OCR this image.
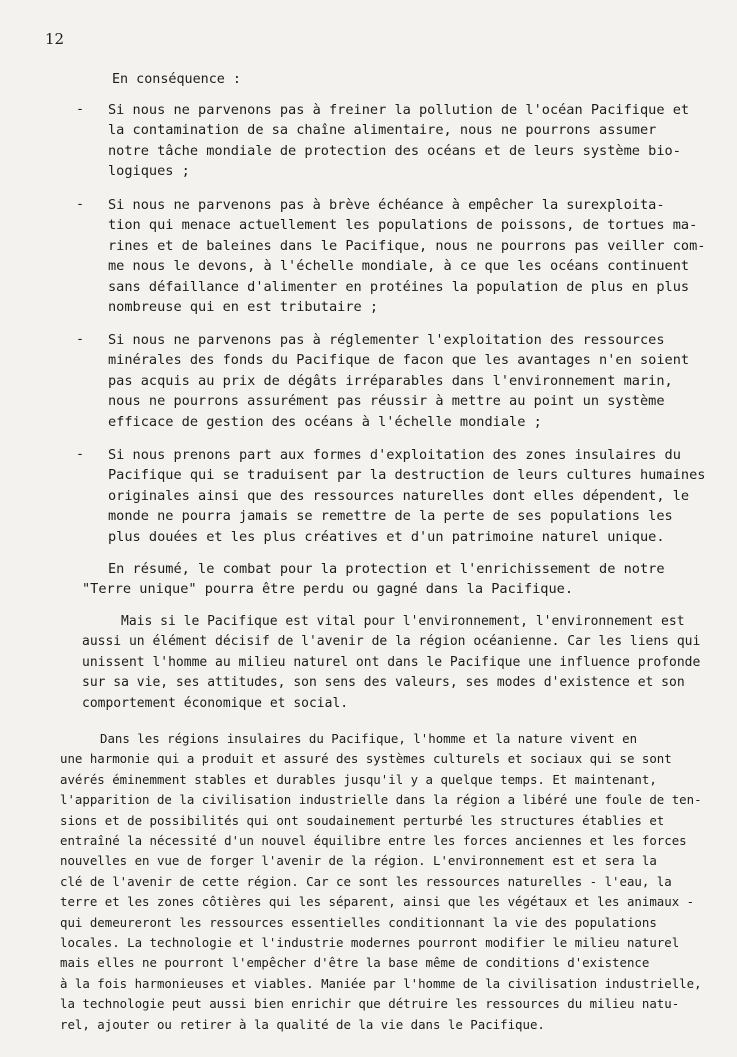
12
En conséquence :
- Si nous ne parvenons pas à freiner la pollution de l'océan Pacifique et
la contamination de sa chaîne alimentaire, nous ne pourrons assumer
notre tâche mondiale de protection des océans et de leurs système bio-
logiques ;
- Si nous ne parvenons pas à brève échéance à empêcher la surexploita-
tion qui menace actuellement les populations de poissons, de tortues ma-
rines et de baleines dans le Pacifique, nous ne pourrons pas veiller com-
me nous le devons, à l'échelle mondiale, à ce que les océans continuent
sans défaillance d'alimenter en protéines la population de plus en plus
nombreuse qui en est tributaire ;
- Si nous ne parvenons pas à réglementer l'exploitation des ressources
minérales des fonds du Pacifique de facon que les avantages n'en soient
pas acquis au prix de dégâts irréparables dans l'environnement marin,
nous ne pourrons assurément pas réussir à mettre au point un système
efficace de gestion des océans à l'échelle mondiale ;
- Si nous prenons part aux formes d'exploitation des zones insulaires du
Pacifique qui se traduisent par la destruction de leurs cultures humaines
originales ainsi que des ressources naturelles dont elles dépendent, le
monde ne pourra jamais se remettre de la perte de ses populations les
plus douées et les plus créatives et d'un patrimoine naturel unique.
En résumé, le combat pour la protection et l'enrichissement de notre
"Terre unique" pourra être perdu ou gagné dans la Pacifique.
Mais si le Pacifique est vital pour l'environnement, l'environnement est
aussi un élément décisif de l'avenir de la région océanienne. Car les liens qui
unissent l'homme au milieu naturel ont dans le Pacifique une influence profonde
sur sa vie, ses attitudes, son sens des valeurs, ses modes d'existence et son
comportement économique et social.
Dans les régions insulaires du Pacifique, l'homme et la nature vivent en
une harmonie qui a produit et assuré des systèmes culturels et sociaux qui se sont
avérés éminemment stables et durables jusqu'il y a quelque temps. Et maintenant,
l'apparition de la civilisation industrielle dans la région a libéré une foule de ten-
sions et de possibilités qui ont soudainement perturbé les structures établies et
entraîné la nécessité d'un nouvel équilibre entre les forces anciennes et les forces
nouvelles en vue de forger l'avenir de la région. L'environnement est et sera la
clé de l'avenir de cette région. Car ce sont les ressources naturelles - l'eau, la
terre et les zones côtières qui les séparent, ainsi que les végétaux et les animaux -
qui demeureront les ressources essentielles conditionnant la vie des populations
locales. La technologie et l'industrie modernes pourront modifier le milieu naturel
mais elles ne pourront l'empêcher d'être la base même de conditions d'existence
à la fois harmonieuses et viables. Maniée par l'homme de la civilisation industrielle,
la technologie peut aussi bien enrichir que détruire les ressources du milieu natu-
rel, ajouter ou retirer à la qualité de la vie dans le Pacifique.
